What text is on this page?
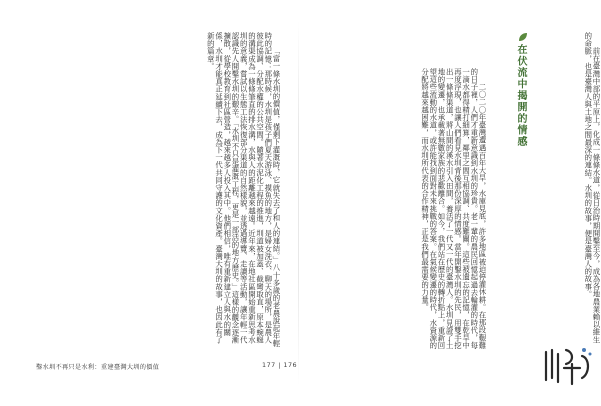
「當一條水圳的價值，僅剩下灌溉時，它就失去了和人的連結。」八十多歲的老農說起年輕時的記憶：那時候，水圳是孩子們夏天游泳、摸魚的地方，是婦女洗衣、聊天的場所，是農人彼此協調、分配水權的公共空間。隨著水泥化工程的推進，圳道被加蓋、截彎取直，原本蜿蜒的溝渠成為一條條筆直的排水溝，水與人的距離越來越遠。近年來，在地社區開始重新思考水圳的意義，嘗試以生態工法恢復部分渠道的自然樣貌，並透過導覽、走讀等活動，讓年輕一代認識先人開鑿水圳的艱辛。「水圳不只是灌溉工程，更是一部活的地方歷史。」這樣的觀念逐漸擴散，從學校教育到社區營造，越來越多人投入其中。他們相信，唯有重新建立人與水的關係，水圳才能真正延續下去，成為下一代共同守護的文化資產。臺灣大圳的故事，也因此有了新的篇章。	前在臺灣中部的平原上，化成一條條水道，從日治時期開鑿至今，成為各地農業賴以維生的命脈，也是臺灣人與土地之間最深的連結。水圳的故事，便是臺灣人的故事。

在伏流中揭開的情感

二〇二〇年臺灣遭遇百年大旱，水庫見底，許多地區被迫停灌休耕。在那段艱難的日子裡，人們才重新意識到水圳的珍貴。老一輩的農民回憶起過去輪灌的時代，每一滴水都得精打細算，鄰里之間互相協調、共度難關。這些被遺忘的記憶，在乾旱中再度浮現，也讓人們看見水圳背後那份深厚的情感。當年開鑿水圳的先民，用雙手挖出一條條渠道，將山間的溪水引入田間，養活了一代又一代的臺灣人。水圳見證了土地的變遷，也承載著無數家族的悲歡離合。如今，我們站在歷史的轉折點上，重新回望這些流動的水道，或許能找到面對未來挑戰的答案。在氣候變遷的時代，水資源的分配將越來越困難，而水圳所代表的合作精神，正是我們最需要的力量。

鑿水圳不再只是水利：重建臺灣大圳的價值	177 | 176
